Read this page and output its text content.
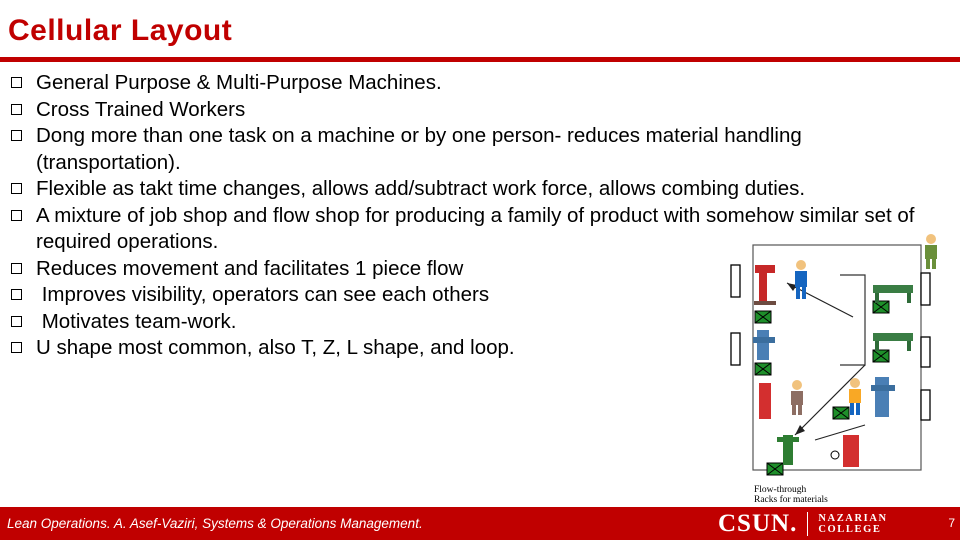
Cellular Layout
General Purpose & Multi-Purpose Machines.
Cross Trained Workers
Dong more than one task on a machine or by one person- reduces material handling (transportation).
Flexible as takt time changes, allows add/subtract work force, allows combing duties.
A mixture of job shop and flow shop for producing a family of product with somehow similar set of required operations.
Reduces movement and facilitates 1 piece flow
Improves visibility, operators can see each others
Motivates team-work.
U shape most common, also T, Z, L shape, and loop.
Flow-through
Racks for materials
Lean Operations. A. Asef-Vaziri, Systems & Operations Management.	CSUN. NAZARIAN
COLLEGE	7
